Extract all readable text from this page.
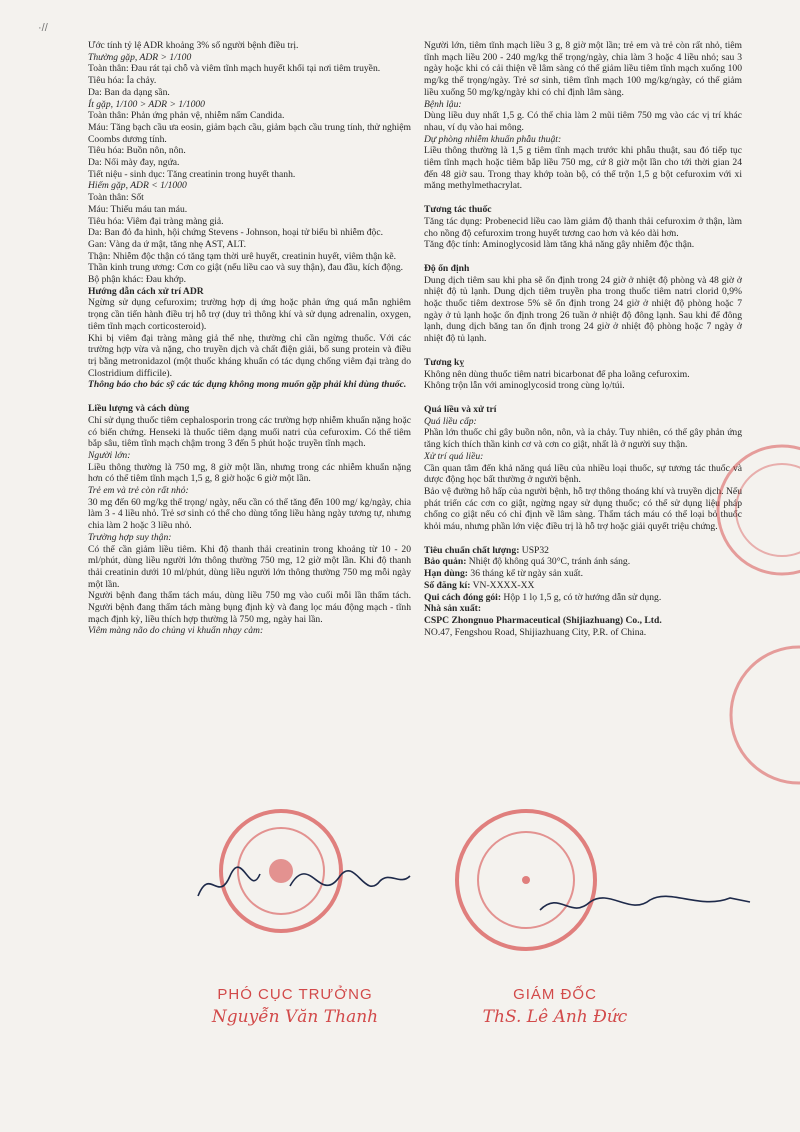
·//

Ước tính tỷ lệ ADR khoảng 3% số người bệnh điều trị.

Thường gặp, ADR > 1/100

Toàn thân: Đau rát tại chỗ và viêm tĩnh mạch huyết khối tại nơi tiêm truyền.

Tiêu hóa: Ỉa chảy.

Da: Ban da dạng sần.

Ít gặp, 1/100 > ADR > 1/1000

Toàn thân: Phản ứng phản vệ, nhiễm nấm Candida.

Máu: Tăng bạch cầu ưa eosin, giảm bạch cầu, giảm bạch cầu trung tính, thử nghiệm Coombs dương tính.

Tiêu hóa: Buồn nôn, nôn.

Da: Nổi mày đay, ngứa.

Tiết niệu - sinh dục: Tăng creatinin trong huyết thanh.

Hiếm gặp, ADR < 1/1000

Toàn thân: Sốt

Máu: Thiếu máu tan máu.

Tiêu hóa: Viêm đại tràng màng giả.

Da: Ban đỏ đa hình, hội chứng Stevens - Johnson, hoại tử biểu bì nhiễm độc.

Gan: Vàng da ứ mật, tăng nhẹ AST, ALT.

Thận: Nhiễm độc thận có tăng tạm thời urê huyết, creatinin huyết, viêm thận kẽ.

Thần kinh trung ương: Cơn co giật (nếu liều cao và suy thận), đau đầu, kích động.

Bộ phận khác: Đau khớp.

Hướng dẫn cách xử trí ADR

Ngừng sử dụng cefuroxim; trường hợp dị ứng hoặc phản ứng quá mẫn nghiêm trọng cần tiến hành điều trị hỗ trợ (duy trì thông khí và sử dụng adrenalin, oxygen, tiêm tĩnh mạch corticosteroid).

Khi bị viêm đại tràng màng giả thể nhẹ, thường chỉ cần ngừng thuốc. Với các trường hợp vừa và nặng, cho truyền dịch và chất điện giải, bổ sung protein và điều trị bằng metronidazol (một thuốc kháng khuẩn có tác dụng chống viêm đại tràng do Clostridium difficile).

Thông báo cho bác sỹ các tác dụng không mong muốn gặp phải khi dùng thuốc.

Liều lượng và cách dùng

Chỉ sử dụng thuốc tiêm cephalosporin trong các trường hợp nhiễm khuẩn nặng hoặc có biến chứng. Henseki là thuốc tiêm dạng muối natri của cefuroxim. Có thể tiêm bắp sâu, tiêm tĩnh mạch chậm trong 3 đến 5 phút hoặc truyền tĩnh mạch.

Người lớn:

Liều thông thường là 750 mg, 8 giờ một lần, nhưng trong các nhiễm khuẩn nặng hơn có thể tiêm tĩnh mạch 1,5 g, 8 giờ hoặc 6 giờ một lần.

Trẻ em và trẻ còn rất nhỏ:

30 mg đến 60 mg/kg thể trọng/ ngày, nếu cần có thể tăng đến 100 mg/ kg/ngày, chia làm 3 - 4 liều nhỏ. Trẻ sơ sinh có thể cho dùng tổng liều hàng ngày tương tự, nhưng chia làm 2 hoặc 3 liều nhỏ.

Trường hợp suy thận:

Có thể cần giảm liều tiêm. Khi độ thanh thải creatinin trong khoảng từ 10 - 20 ml/phút, dùng liều người lớn thông thường 750 mg, 12 giờ một lần. Khi độ thanh thải creatinin dưới 10 ml/phút, dùng liều người lớn thông thường 750 mg mỗi ngày một lần.

Người bệnh đang thẩm tách máu, dùng liều 750 mg vào cuối mỗi lần thẩm tách. Người bệnh đang thẩm tách màng bụng định kỳ và đang lọc máu động mạch - tĩnh mạch định kỳ, liều thích hợp thường là 750 mg, ngày hai lần.

Viêm màng não do chủng vi khuẩn nhạy cảm:

Người lớn, tiêm tĩnh mạch liều 3 g, 8 giờ một lần; trẻ em và trẻ còn rất nhỏ, tiêm tĩnh mạch liều 200 - 240 mg/kg thể trọng/ngày, chia làm 3 hoặc 4 liều nhỏ; sau 3 ngày hoặc khi có cải thiện về lâm sàng có thể giảm liều tiêm tĩnh mạch xuống 100 mg/kg thể trọng/ngày. Trẻ sơ sinh, tiêm tĩnh mạch 100 mg/kg/ngày, có thể giảm liều xuống 50 mg/kg/ngày khi có chỉ định lâm sàng.

Bệnh lậu:

Dùng liều duy nhất 1,5 g. Có thể chia làm 2 mũi tiêm 750 mg vào các vị trí khác nhau, ví dụ vào hai mông.

Dự phòng nhiễm khuẩn phẫu thuật:

Liều thông thường là 1,5 g tiêm tĩnh mạch trước khi phẫu thuật, sau đó tiếp tục tiêm tĩnh mạch hoặc tiêm bắp liều 750 mg, cứ 8 giờ một lần cho tới thời gian 24 đến 48 giờ sau. Trong thay khớp toàn bộ, có thể trộn 1,5 g bột cefuroxim với xi măng methylmethacrylat.

Tương tác thuốc

Tăng tác dụng: Probenecid liều cao làm giảm độ thanh thải cefuroxim ở thận, làm cho nồng độ cefuroxim trong huyết tương cao hơn và kéo dài hơn.

Tăng độc tính: Aminoglycosid làm tăng khả năng gây nhiễm độc thận.

Độ ổn định

Dung dịch tiêm sau khi pha sẽ ổn định trong 24 giờ ở nhiệt độ phòng và 48 giờ ở nhiệt độ tủ lạnh. Dung dịch tiêm truyền pha trong thuốc tiêm natri clorid 0,9% hoặc thuốc tiêm dextrose 5% sẽ ổn định trong 24 giờ ở nhiệt độ phòng hoặc 7 ngày ở tủ lạnh hoặc ổn định trong 26 tuần ở nhiệt độ đông lạnh. Sau khi để đông lạnh, dung dịch băng tan ổn định trong 24 giờ ở nhiệt độ phòng hoặc 7 ngày ở nhiệt độ tủ lạnh.

Tương kỵ

Không nên dùng thuốc tiêm natri bicarbonat để pha loãng cefuroxim.

Không trộn lẫn với aminoglycosid trong cùng lọ/túi.

Quá liều và xử trí

Quá liều cấp:

Phần lớn thuốc chỉ gây buồn nôn, nôn, và ỉa chảy. Tuy nhiên, có thể gây phản ứng tăng kích thích thần kinh cơ và cơn co giật, nhất là ở người suy thận.

Xử trí quá liều:

Cần quan tâm đến khả năng quá liều của nhiều loại thuốc, sự tương tác thuốc và dược động học bất thường ở người bệnh.

Bảo vệ đường hô hấp của người bệnh, hỗ trợ thông thoáng khí và truyền dịch. Nếu phát triển các cơn co giật, ngừng ngay sử dụng thuốc; có thể sử dụng liệu pháp chống co giật nếu có chỉ định về lâm sàng. Thẩm tách máu có thể loại bỏ thuốc khỏi máu, nhưng phần lớn việc điều trị là hỗ trợ hoặc giải quyết triệu chứng.

Tiêu chuẩn chất lượng: USP32

Bảo quản: Nhiệt độ không quá 30°C, tránh ánh sáng.

Hạn dùng: 36 tháng kể từ ngày sản xuất.

Số đăng kí: VN-XXXX-XX

Qui cách đóng gói: Hộp 1 lọ 1,5 g, có tờ hướng dẫn sử dụng.

Nhà sản xuất:

CSPC Zhongnuo Pharmaceutical (Shijiazhuang) Co., Ltd.

NO.47, Fengshou Road, Shijiazhuang City, P.R. of China.

PHÓ CỤC TRƯỞNG
Nguyễn Văn Thanh
GIÁM ĐỐC
ThS. Lê Anh Đức
